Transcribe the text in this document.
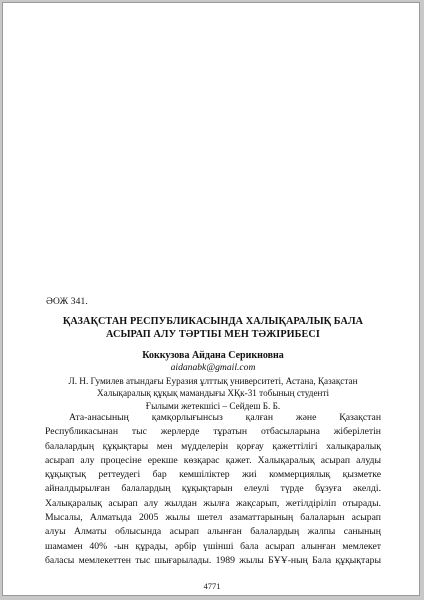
ӘОЖ 341.
ҚАЗАҚСТАН РЕСПУБЛИКАСЫНДА ХАЛЫҚАРАЛЫҚ БАЛА
АСЫРАП АЛУ ТӘРТІБІ МЕН ТӘЖІРИБЕСІ
Коккузова Айдана Серикновна
aidanabk@gmail.com
Л. Н. Гумилев атындағы Еуразия ұлттық университеті, Астана, Қазақстан
Халықаралық құқық мамандығы ХҚк-31 тобының студенті
Ғылыми жетекшісі – Сейдеш Б. Б.
Ата-анасының қамқорлығынсыз қалған және Қазақстан
Республикасынан тыс жерлерде тұратын отбасыларына жіберілетін
балалардың құқықтары мен мүдделерін қорғау қажеттілігі халықаралық
асырап алу процесіне ерекше көзқарас қажет. Халықаралық асырап алуды
құқықтық реттеудегі бар кемшіліктер жиі коммерциялық қызметке
айналдырылған балалардың құқықтарын елеулі түрде бұзуға әкелді.
Халықаралық асырап алу жылдан жылға жақсарып, жетілдіріліп отырады.
Мысалы, Алматыда 2005 жылы шетел азаматтарының балаларын асырап
алуы Алматы облысында асырап алынған балалардың жалпы санының
шамамен 40% -ын құрады, әрбір үшінші бала асырап алынған мемлекет
баласы мемлекеттен тыс шығарылады. 1989 жылы БҰҰ-ның Бала құқықтары
4771
